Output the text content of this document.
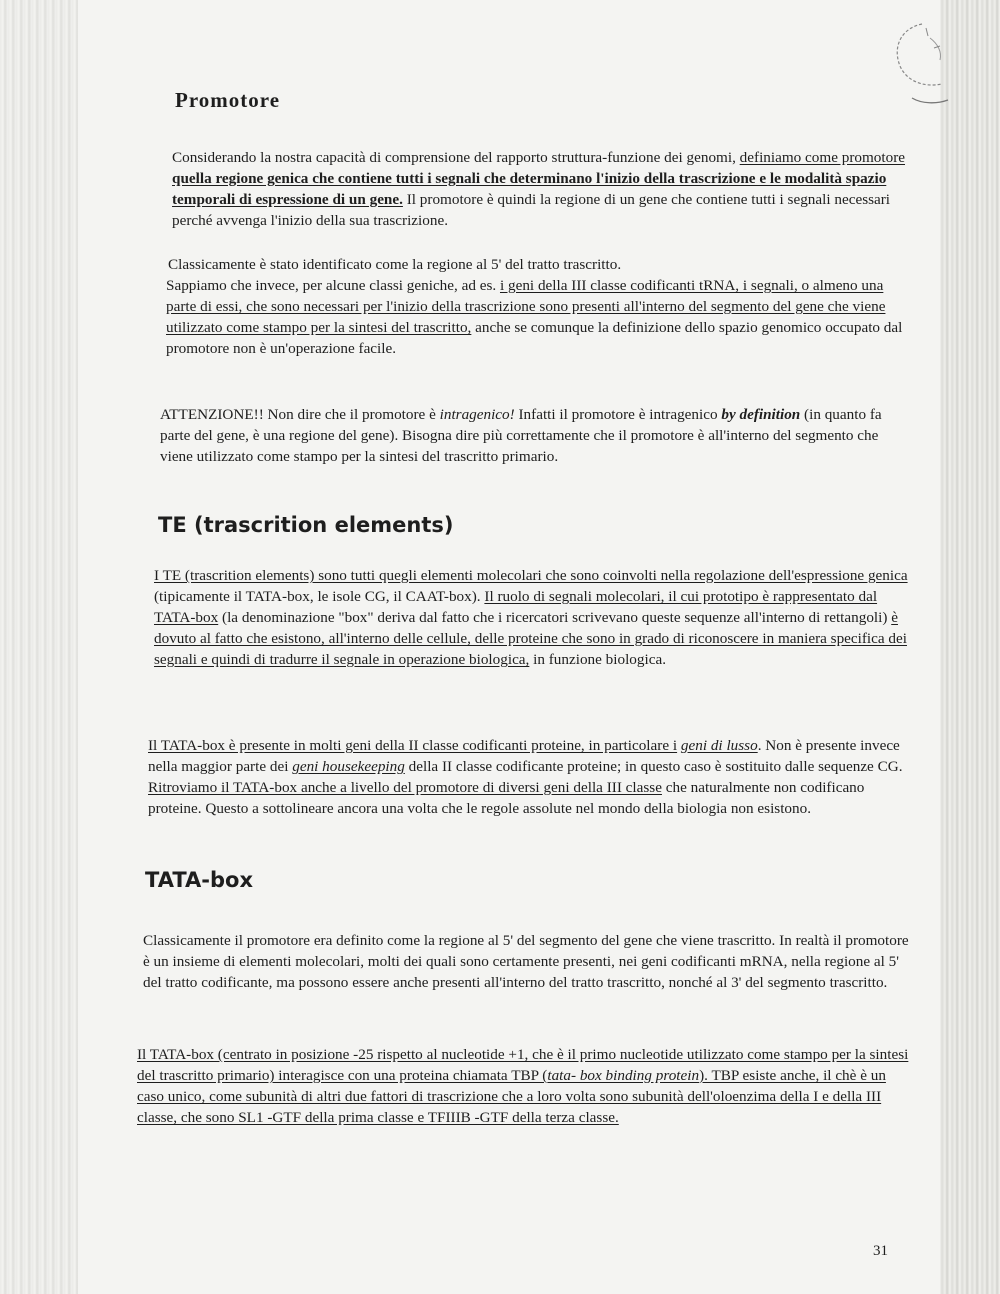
Promotore

Considerando la nostra capacità di comprensione del rapporto struttura-funzione dei genomi, definiamo come promotore quella regione genica che contiene tutti i segnali che determinano l'inizio della trascrizione e le modalità spazio temporali di espressione di un gene. Il promotore è quindi la regione di un gene che contiene tutti i segnali necessari perché avvenga l'inizio della sua trascrizione.

Classicamente è stato identificato come la regione al 5' del tratto trascritto.

Sappiamo che invece, per alcune classi geniche, ad es. i geni della III classe codificanti tRNA, i segnali, o almeno una parte di essi, che sono necessari per l'inizio della trascrizione sono presenti all'interno del segmento del gene che viene utilizzato come stampo per la sintesi del trascritto, anche se comunque la definizione dello spazio genomico occupato dal promotore non è un'operazione facile.

ATTENZIONE!! Non dire che il promotore è intragenico! Infatti il promotore è intragenico by definition (in quanto fa parte del gene, è una regione del gene). Bisogna dire più correttamente che il promotore è all'interno del segmento che viene utilizzato come stampo per la sintesi del trascritto primario.

TE (trascrition elements)

I TE (trascrition elements) sono tutti quegli elementi molecolari che sono coinvolti nella regolazione dell'espressione genica (tipicamente il TATA-box, le isole CG, il CAAT-box). Il ruolo di segnali molecolari, il cui prototipo è rappresentato dal TATA-box (la denominazione "box" deriva dal fatto che i ricercatori scrivevano queste sequenze all'interno di rettangoli) è dovuto al fatto che esistono, all'interno delle cellule, delle proteine che sono in grado di riconoscere in maniera specifica dei segnali e quindi di tradurre il segnale in operazione biologica, in funzione biologica.

Il TATA-box è presente in molti geni della II classe codificanti proteine, in particolare i geni di lusso. Non è presente invece nella maggior parte dei geni housekeeping della II classe codificante proteine; in questo caso è sostituito dalle sequenze CG. Ritroviamo il TATA-box anche a livello del promotore di diversi geni della III classe che naturalmente non codificano proteine. Questo a sottolineare ancora una volta che le regole assolute nel mondo della biologia non esistono.

TATA-box

Classicamente il promotore era definito come la regione al 5' del segmento del gene che viene trascritto. In realtà il promotore è un insieme di elementi molecolari, molti dei quali sono certamente presenti, nei geni codificanti mRNA, nella regione al 5' del tratto codificante, ma possono essere anche presenti all'interno del tratto trascritto, nonché al 3' del segmento trascritto.

Il TATA-box (centrato in posizione -25 rispetto al nucleotide +1, che è il primo nucleotide utilizzato come stampo per la sintesi del trascritto primario) interagisce con una proteina chiamata TBP (tata- box binding protein). TBP esiste anche, il chè è un caso unico, come subunità di altri due fattori di trascrizione che a loro volta sono subunità dell'oloenzima della I e della III classe, che sono SL1 -GTF della prima classe e TFIIIB -GTF della terza classe.

31
